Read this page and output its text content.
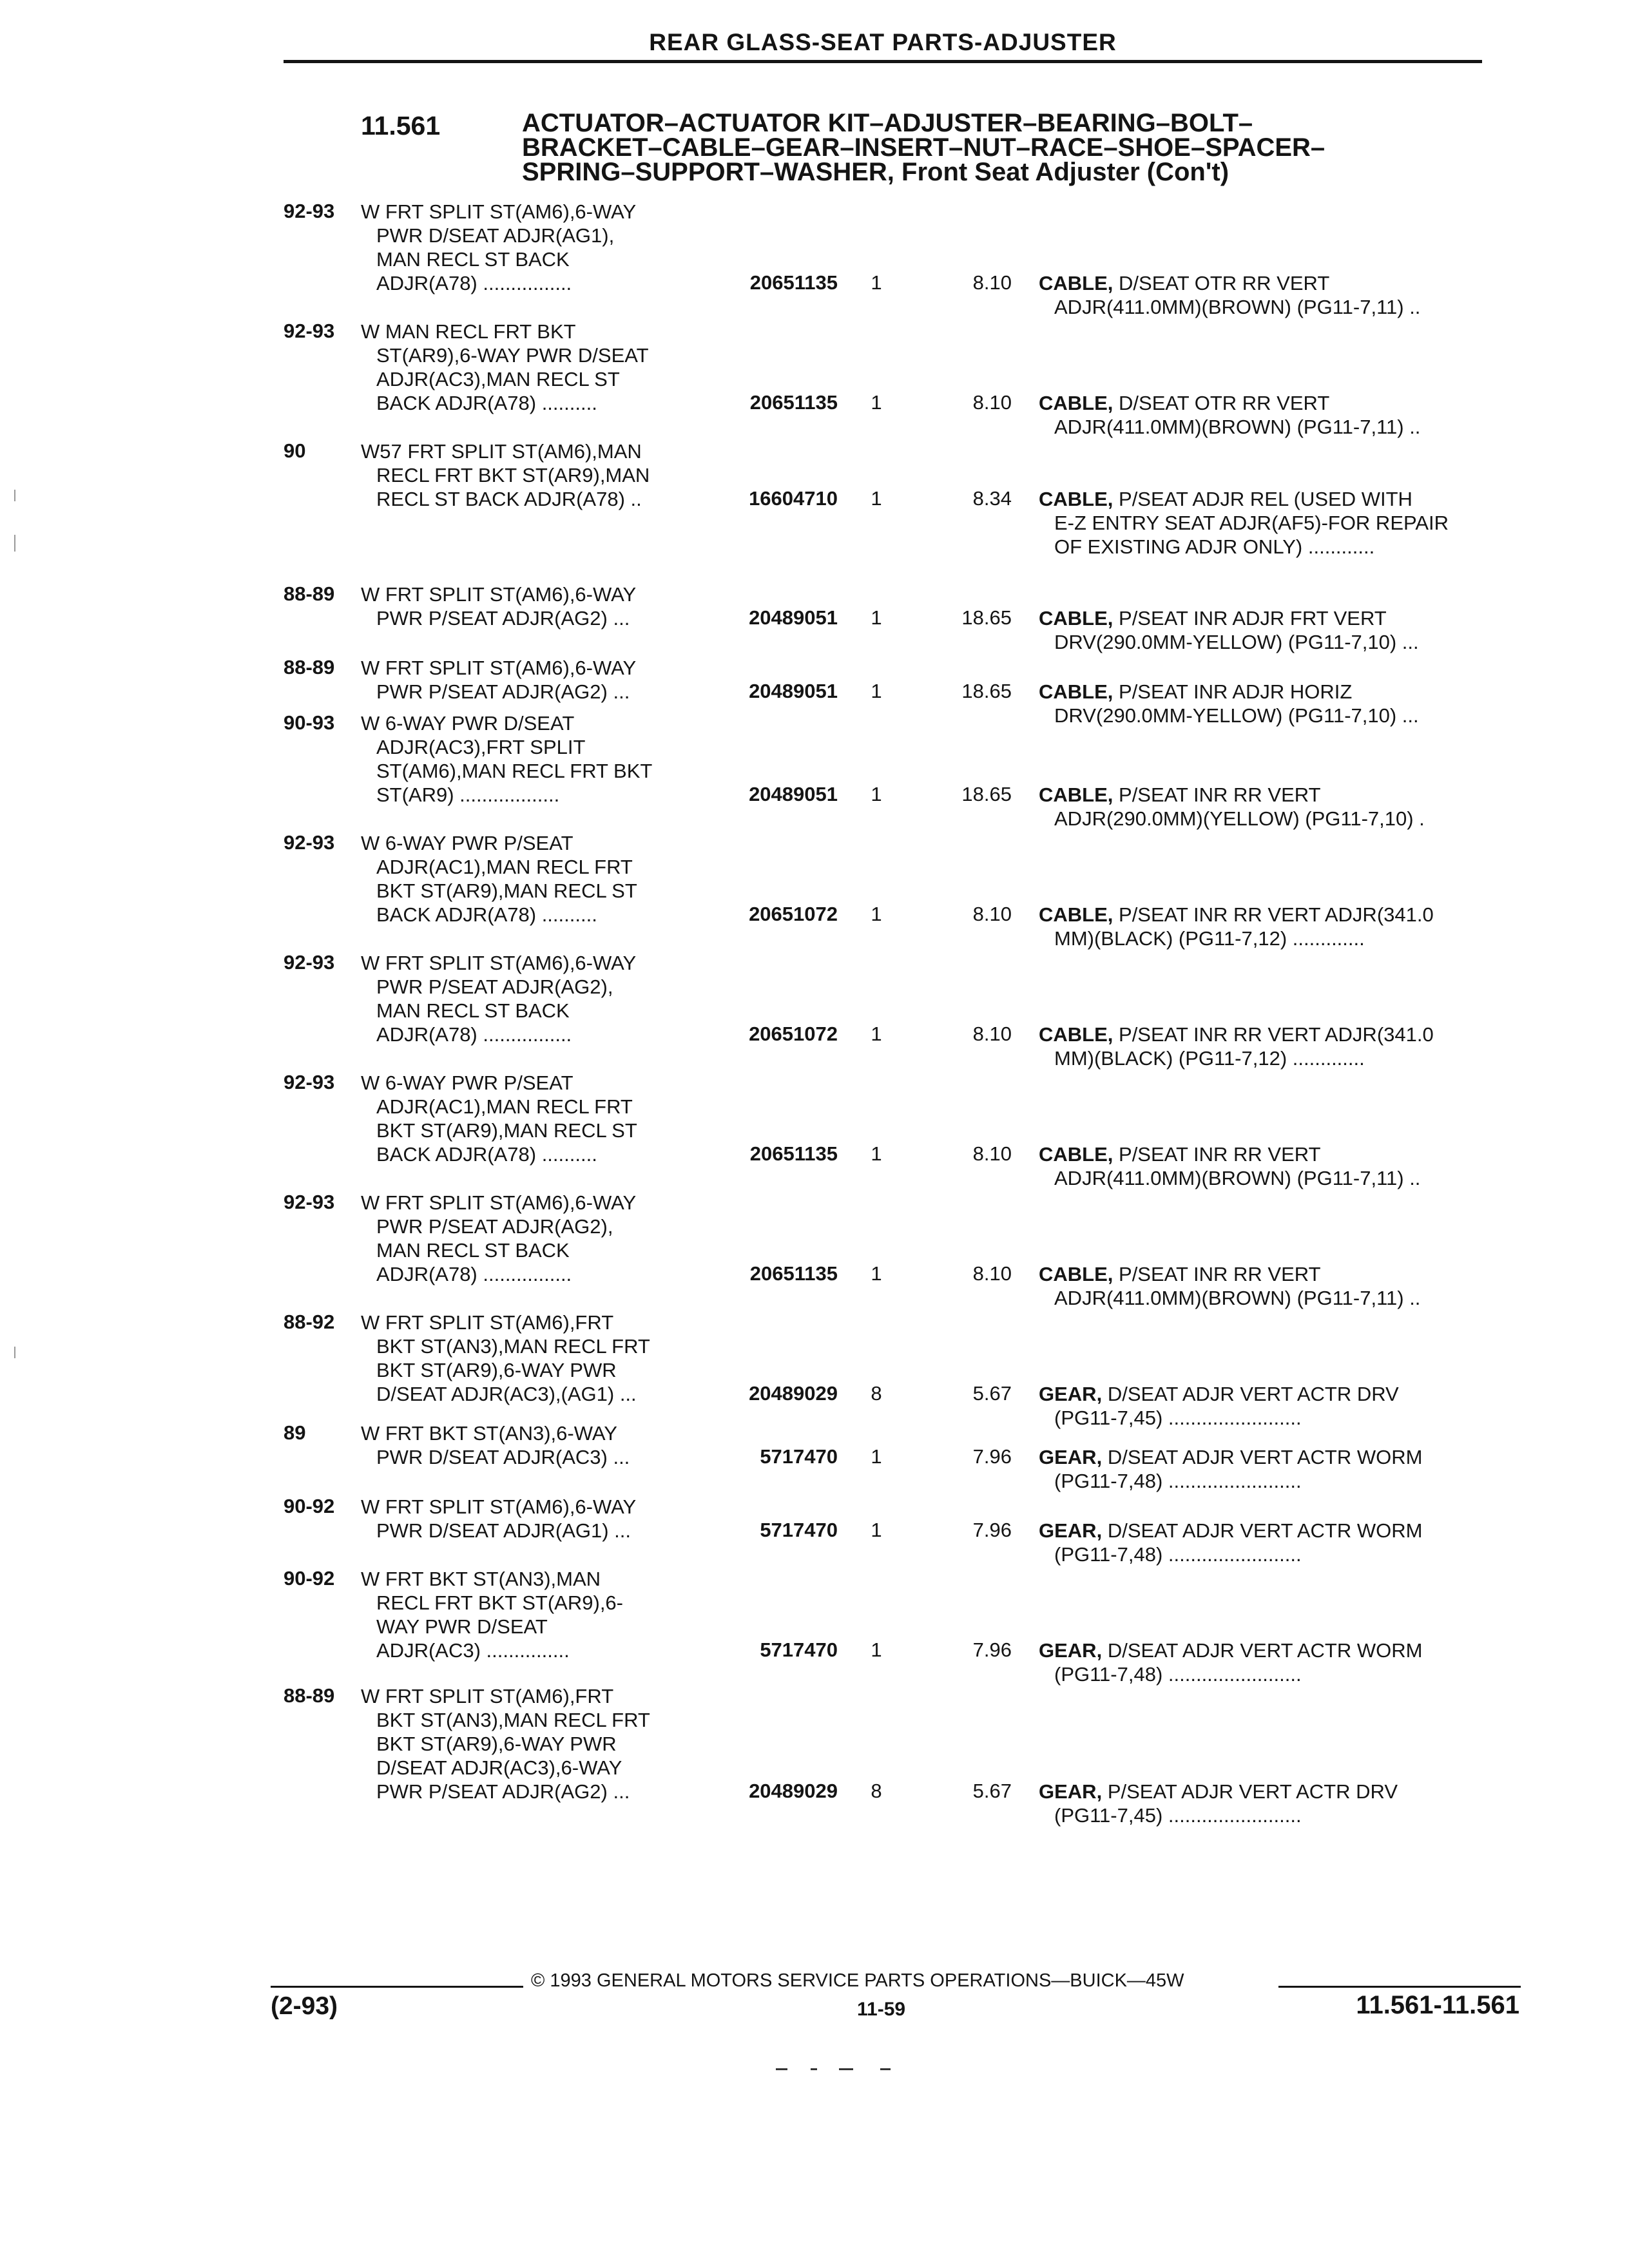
REAR GLASS-SEAT PARTS-ADJUSTER
11.561	ACTUATOR–ACTUATOR KIT–ADJUSTER–BEARING–BOLT–
BRACKET–CABLE–GEAR–INSERT–NUT–RACE–SHOE–SPACER–
SPRING–SUPPORT–WASHER, Front Seat Adjuster (Con't)
92-93 W FRT SPLIT ST(AM6),6-WAY
PWR D/SEAT ADJR(AG1),
MAN RECL ST BACK
ADJR(A78) ................	20651135	1	8.10 CABLE, D/SEAT OTR RR VERT
ADJR(411.0MM)(BROWN) (PG11-7,11) ..
92-93 W MAN RECL FRT BKT
ST(AR9),6-WAY PWR D/SEAT
ADJR(AC3),MAN RECL ST
BACK ADJR(A78) ..........	20651135	1	8.10 CABLE, D/SEAT OTR RR VERT
ADJR(411.0MM)(BROWN) (PG11-7,11) ..
90	W57 FRT SPLIT ST(AM6),MAN
RECL FRT BKT ST(AR9),MAN
RECL ST BACK ADJR(A78) ..	16604710	1	8.34 CABLE, P/SEAT ADJR REL (USED WITH
E-Z ENTRY SEAT ADJR(AF5)-FOR REPAIR
OF EXISTING ADJR ONLY) ............
88-89 W FRT SPLIT ST(AM6),6-WAY
PWR P/SEAT ADJR(AG2) ...	20489051	1	18.65 CABLE, P/SEAT INR ADJR FRT VERT
DRV(290.0MM-YELLOW) (PG11-7,10) ...
88-89 W FRT SPLIT ST(AM6),6-WAY
PWR P/SEAT ADJR(AG2) ...	20489051	1	18.65 CABLE, P/SEAT INR ADJR HORIZ
DRV(290.0MM-YELLOW) (PG11-7,10) ...
90-93 W 6-WAY PWR D/SEAT
ADJR(AC3),FRT SPLIT
ST(AM6),MAN RECL FRT BKT
ST(AR9) ..................	20489051	1	18.65 CABLE, P/SEAT INR RR VERT
ADJR(290.0MM)(YELLOW) (PG11-7,10) .
92-93 W 6-WAY PWR P/SEAT
ADJR(AC1),MAN RECL FRT
BKT ST(AR9),MAN RECL ST
BACK ADJR(A78) ..........	20651072	1	8.10 CABLE, P/SEAT INR RR VERT ADJR(341.0
MM)(BLACK) (PG11-7,12) .............
92-93 W FRT SPLIT ST(AM6),6-WAY
PWR P/SEAT ADJR(AG2),
MAN RECL ST BACK
ADJR(A78) ................	20651072	1	8.10 CABLE, P/SEAT INR RR VERT ADJR(341.0
MM)(BLACK) (PG11-7,12) .............
92-93 W 6-WAY PWR P/SEAT
ADJR(AC1),MAN RECL FRT
BKT ST(AR9),MAN RECL ST
BACK ADJR(A78) ..........	20651135	1	8.10 CABLE, P/SEAT INR RR VERT
ADJR(411.0MM)(BROWN) (PG11-7,11) ..
92-93 W FRT SPLIT ST(AM6),6-WAY
PWR P/SEAT ADJR(AG2),
MAN RECL ST BACK
ADJR(A78) ................	20651135	1	8.10 CABLE, P/SEAT INR RR VERT
ADJR(411.0MM)(BROWN) (PG11-7,11) ..
88-92 W FRT SPLIT ST(AM6),FRT
BKT ST(AN3),MAN RECL FRT
BKT ST(AR9),6-WAY PWR
D/SEAT ADJR(AC3),(AG1) ...	20489029	8	5.67 GEAR, D/SEAT ADJR VERT ACTR DRV
(PG11-7,45) ........................
89	W FRT BKT ST(AN3),6-WAY
PWR D/SEAT ADJR(AC3) ...	5717470	1	7.96 GEAR, D/SEAT ADJR VERT ACTR WORM
(PG11-7,48) ........................
90-92 W FRT SPLIT ST(AM6),6-WAY
PWR D/SEAT ADJR(AG1) ...	5717470	1	7.96 GEAR, D/SEAT ADJR VERT ACTR WORM
(PG11-7,48) ........................
90-92 W FRT BKT ST(AN3),MAN
RECL FRT BKT ST(AR9),6-
WAY PWR D/SEAT
ADJR(AC3) ...............	5717470	1	7.96 GEAR, D/SEAT ADJR VERT ACTR WORM
(PG11-7,48) ........................
88-89 W FRT SPLIT ST(AM6),FRT
BKT ST(AN3),MAN RECL FRT
BKT ST(AR9),6-WAY PWR
D/SEAT ADJR(AC3),6-WAY
PWR P/SEAT ADJR(AG2) ...	20489029	8	5.67 GEAR, P/SEAT ADJR VERT ACTR DRV
(PG11-7,45) ........................
© 1993 GENERAL MOTORS SERVICE PARTS OPERATIONS—BUICK—45W
(2-93)	11-59	11.561-11.561
